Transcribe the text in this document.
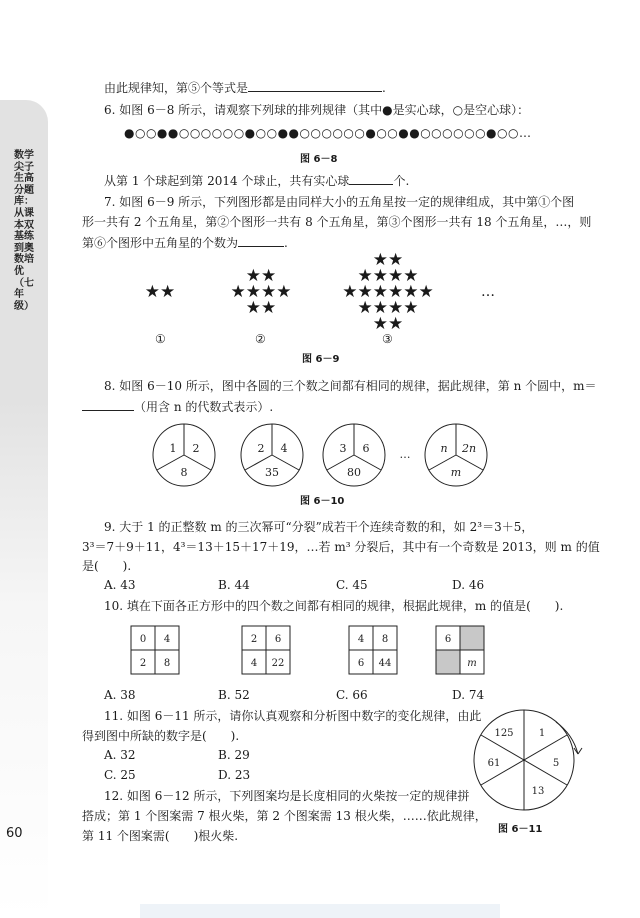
数学尖子生高分题库：从课本双基练到奥数培优（七年级）
60
由此规律知，第⑤个等式是	.
6. 如图 6－8 所示，请观察下列球的排列规律（其中●是实心球，○是空心球）：
●○○●●○○○○○○●○○●●○○○○○○●○○●●○○○○○○●○○…
图 6－8
从第 1 个球起到第 2014 个球止，共有实心球	个.
7. 如图 6－9 所示，下列图形都是由同样大小的五角星按一定的规律组成，其中第①个图
形一共有 2 个五角星，第②个图形一共有 8 个五角星，第③个图形一共有 18 个五角星，…，则
第⑥个图形中五角星的个数为	.
★★
★★
★★★★
★★
★★
★★★★
★★★★★★
★★★★
★★
…
①	②	③
图 6－9
8. 如图 6－10 所示，图中各圆的三个数之间都有相同的规律，据此规律，第 n 个圆中，m＝
（用含 n 的代数式表示）.
1 2
8
2 4
35
3 6
80
…	n 2n
m
图 6－10
9. 大于 1 的正整数 m 的三次幂可“分裂”成若干个连续奇数的和，如 2³＝3＋5，
3³＝7＋9＋11，4³＝13＋15＋17＋19，…若 m³ 分裂后，其中有一个奇数是 2013，则 m 的值
是(　　).
A. 43	B. 44	C. 45	D. 46
10. 填在下面各正方形中的四个数之间都有相同的规律，根据此规律，m 的值是(　　).
0 4
2 8
2 6
4 22
4 8
6 44
6
m
A. 38	B. 52	C. 66	D. 74
11. 如图 6－11 所示，请你认真观察和分析图中数字的变化规律，由此
得到图中所缺的数字是(　　).
A. 32	B. 29
C. 25	D. 23
12. 如图 6－12 所示，下列图案均是长度相同的火柴按一定的规律拼
搭成；第 1 个图案需 7 根火柴，第 2 个图案需 13 根火柴，……依此规律，
第 11 个图案需(　　)根火柴.
125	1
5
13
61
图 6－11
